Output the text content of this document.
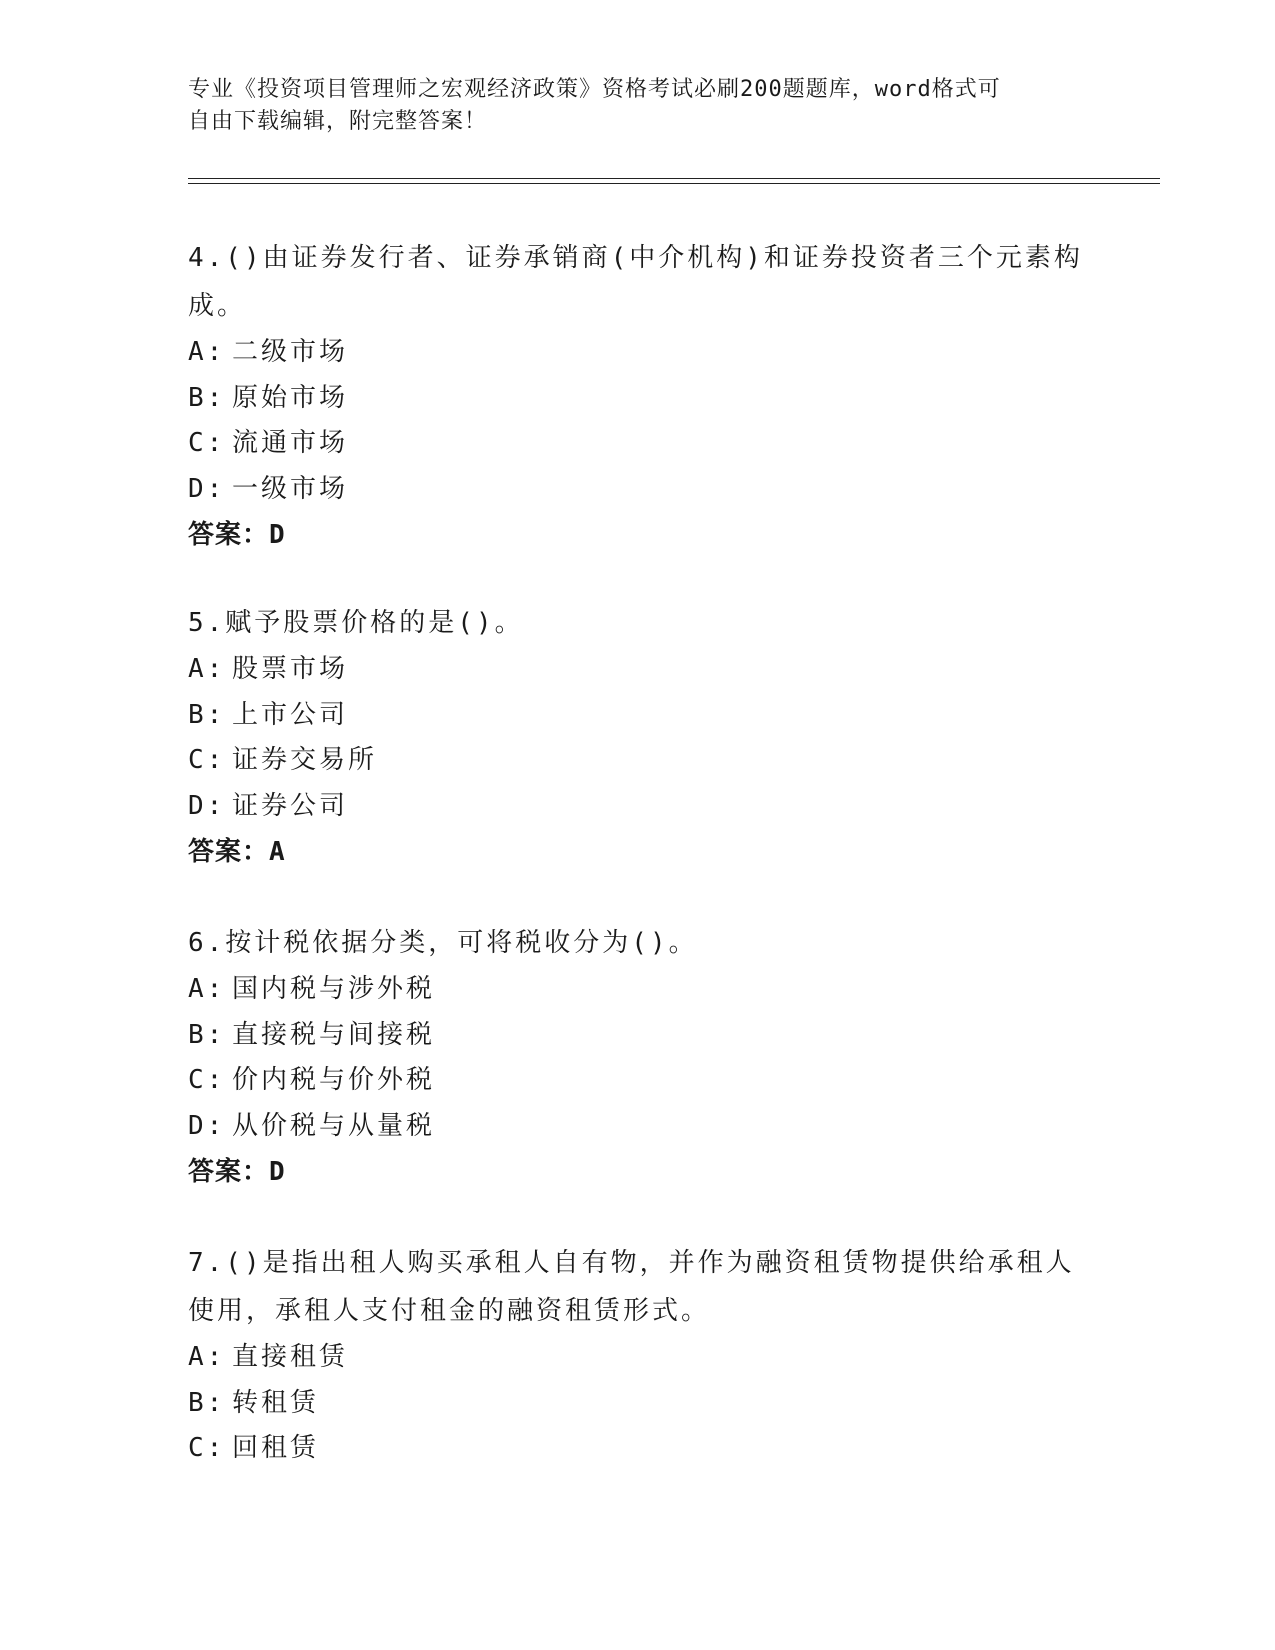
专业《投资项目管理师之宏观经济政策》资格考试必刷200题题库，word格式可
自由下载编辑，附完整答案！

4.()由证券发行者、证券承销商(中介机构)和证券投资者三个元素构

成。

A: 二级市场

B: 原始市场

C: 流通市场

D: 一级市场

答案：D

5.赋予股票价格的是()。

A: 股票市场

B: 上市公司

C: 证券交易所

D: 证券公司

答案：A

6.按计税依据分类，可将税收分为()。

A: 国内税与涉外税

B: 直接税与间接税

C: 价内税与价外税

D: 从价税与从量税

答案：D

7.()是指出租人购买承租人自有物，并作为融资租赁物提供给承租人

使用，承租人支付租金的融资租赁形式。

A: 直接租赁

B: 转租赁

C: 回租赁
